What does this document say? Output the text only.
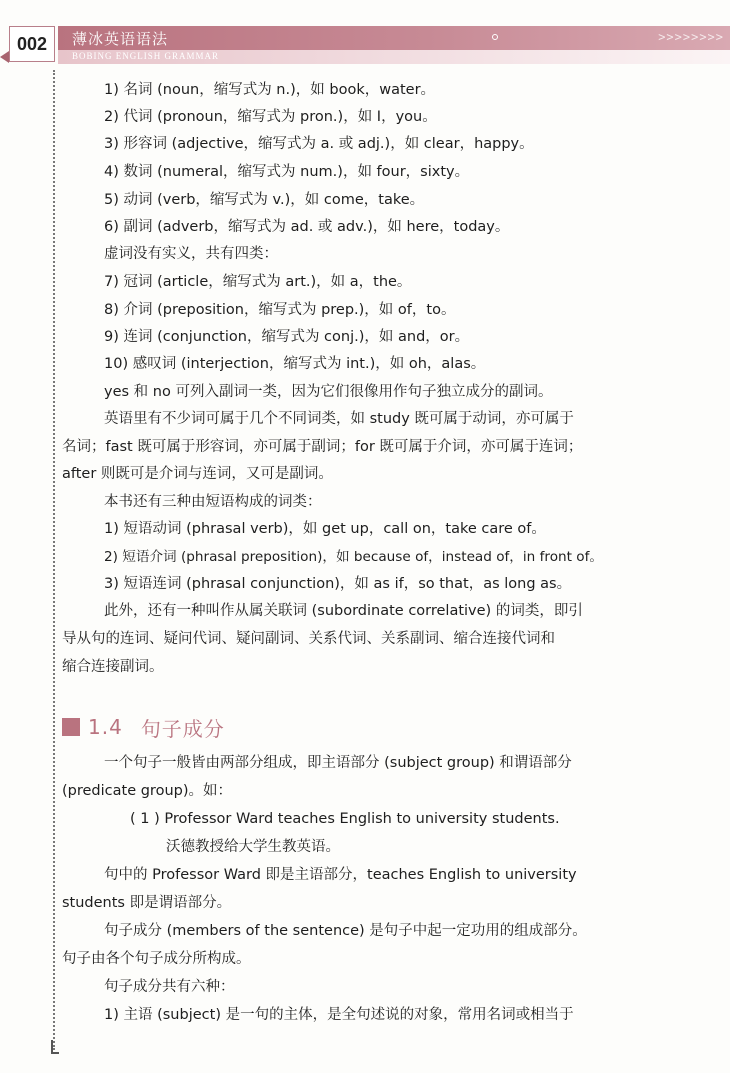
002	薄冰英语语法	>>>>>>>>
BOBING ENGLISH GRAMMAR
1) 名词 (noun，缩写式为 n.)，如 book，water。
2) 代词 (pronoun，缩写式为 pron.)，如 I，you。
3) 形容词 (adjective，缩写式为 a. 或 adj.)，如 clear，happy。
4) 数词 (numeral，缩写式为 num.)，如 four，sixty。
5) 动词 (verb，缩写式为 v.)，如 come，take。
6) 副词 (adverb，缩写式为 ad. 或 adv.)，如 here，today。
虚词没有实义，共有四类：
7) 冠词 (article，缩写式为 art.)，如 a，the。
8) 介词 (preposition，缩写式为 prep.)，如 of，to。
9) 连词 (conjunction，缩写式为 conj.)，如 and，or。
10) 感叹词 (interjection，缩写式为 int.)，如 oh，alas。
yes 和 no 可列入副词一类，因为它们很像用作句子独立成分的副词。
英语里有不少词可属于几个不同词类，如 study 既可属于动词，亦可属于
名词；fast 既可属于形容词，亦可属于副词；for 既可属于介词，亦可属于连词；
after 则既可是介词与连词，又可是副词。
本书还有三种由短语构成的词类：
1) 短语动词 (phrasal verb)，如 get up，call on，take care of。
2) 短语介词 (phrasal preposition)，如 because of，instead of，in front of。
3) 短语连词 (phrasal conjunction)，如 as if，so that，as long as。
此外，还有一种叫作从属关联词 (subordinate correlative) 的词类，即引
导从句的连词、疑问代词、疑问副词、关系代词、关系副词、缩合连接代词和
缩合连接副词。
1.4 句子成分
一个句子一般皆由两部分组成，即主语部分 (subject group) 和谓语部分
(predicate group)。如：
( 1 ) Professor Ward teaches English to university students.
沃德教授给大学生教英语。
句中的 Professor Ward 即是主语部分，teaches English to university
students 即是谓语部分。
句子成分 (members of the sentence) 是句子中起一定功用的组成部分。
句子由各个句子成分所构成。
句子成分共有六种：
1) 主语 (subject) 是一句的主体，是全句述说的对象，常用名词或相当于
